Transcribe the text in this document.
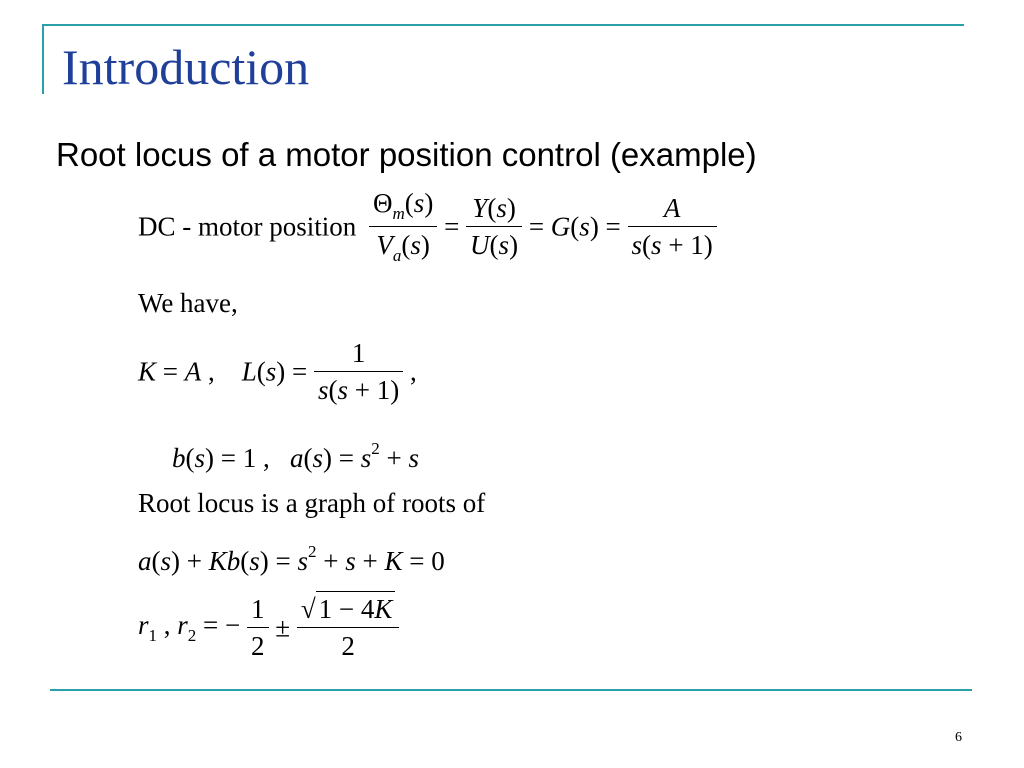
Introduction
Root locus of a motor position control (example)
DC - motor position $\frac{\Theta_m(s)}{V_a(s)} = \frac{Y(s)}{U(s)} = G(s) = \frac{A}{s(s + 1)}$
We have,
K = A ,    $L(s) = \frac{1}{s(s + 1)}$ ,
b(s) = 1 ,   $a(s) = s^2 + s$
Root locus is a graph of roots of
$a(s) + Kb(s) = s^2 + s + K = 0$
$r_1$ , $r_2$ = − $\frac{1}{2} \pm \frac{√ 1 - 4K}{2}$
6
